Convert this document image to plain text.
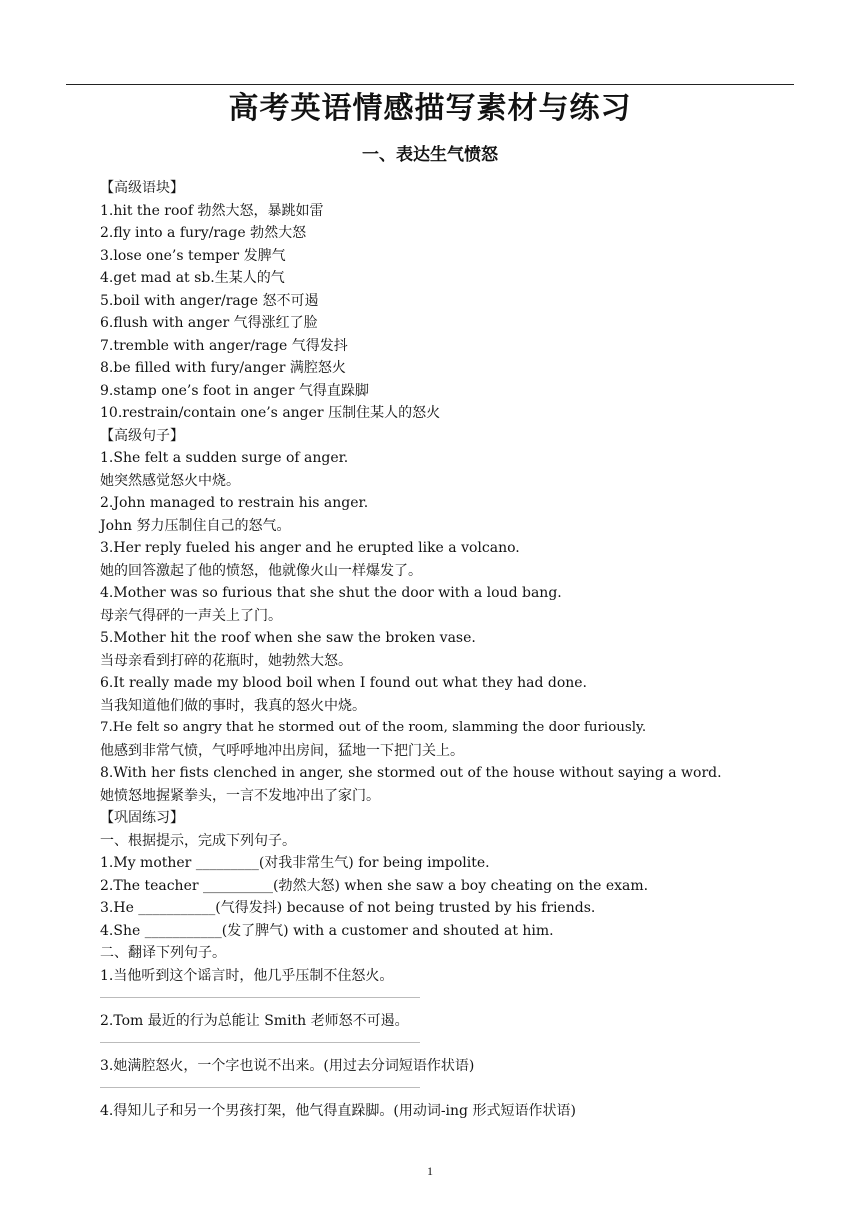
高考英语情感描写素材与练习
一、表达生气愤怒
【高级语块】
1.hit the roof 勃然大怒，暴跳如雷
2.fly into a fury/rage 勃然大怒
3.lose one’s temper 发脾气
4.get mad at sb.生某人的气
5.boil with anger/rage 怒不可遏
6.flush with anger 气得涨红了脸
7.tremble with anger/rage 气得发抖
8.be filled with fury/anger 满腔怒火
9.stamp one’s foot in anger 气得直跺脚
10.restrain/contain one’s anger 压制住某人的怒火
【高级句子】
1.She felt a sudden surge of anger.
她突然感觉怒火中烧。
2.John managed to restrain his anger.
John 努力压制住自己的怒气。
3.Her reply fueled his anger and he erupted like a volcano.
她的回答激起了他的愤怒，他就像火山一样爆发了。
4.Mother was so furious that she shut the door with a loud bang.
母亲气得砰的一声关上了门。
5.Mother hit the roof when she saw the broken vase.
当母亲看到打碎的花瓶时，她勃然大怒。
6.It really made my blood boil when I found out what they had done.
当我知道他们做的事时，我真的怒火中烧。
7.He felt so angry that he stormed out of the room, slamming the door furiously.
他感到非常气愤，气呼呼地冲出房间，猛地一下把门关上。
8.With her fists clenched in anger, she stormed out of the house without saying a word.
她愤怒地握紧拳头，一言不发地冲出了家门。
【巩固练习】
一、根据提示，完成下列句子。
1.My mother _________(对我非常生气) for being impolite.
2.The teacher __________(勃然大怒) when she saw a boy cheating on the exam.
3.He ___________(气得发抖) because of not being trusted by his friends.
4.She ___________(发了脾气) with a customer and shouted at him.
二、翻译下列句子。
1.当他听到这个谣言时，他几乎压制不住怒火。
2.Tom 最近的行为总能让 Smith 老师怒不可遏。
3.她满腔怒火，一个字也说不出来。(用过去分词短语作状语)
4.得知儿子和另一个男孩打架，他气得直跺脚。(用动词-ing 形式短语作状语)
1
